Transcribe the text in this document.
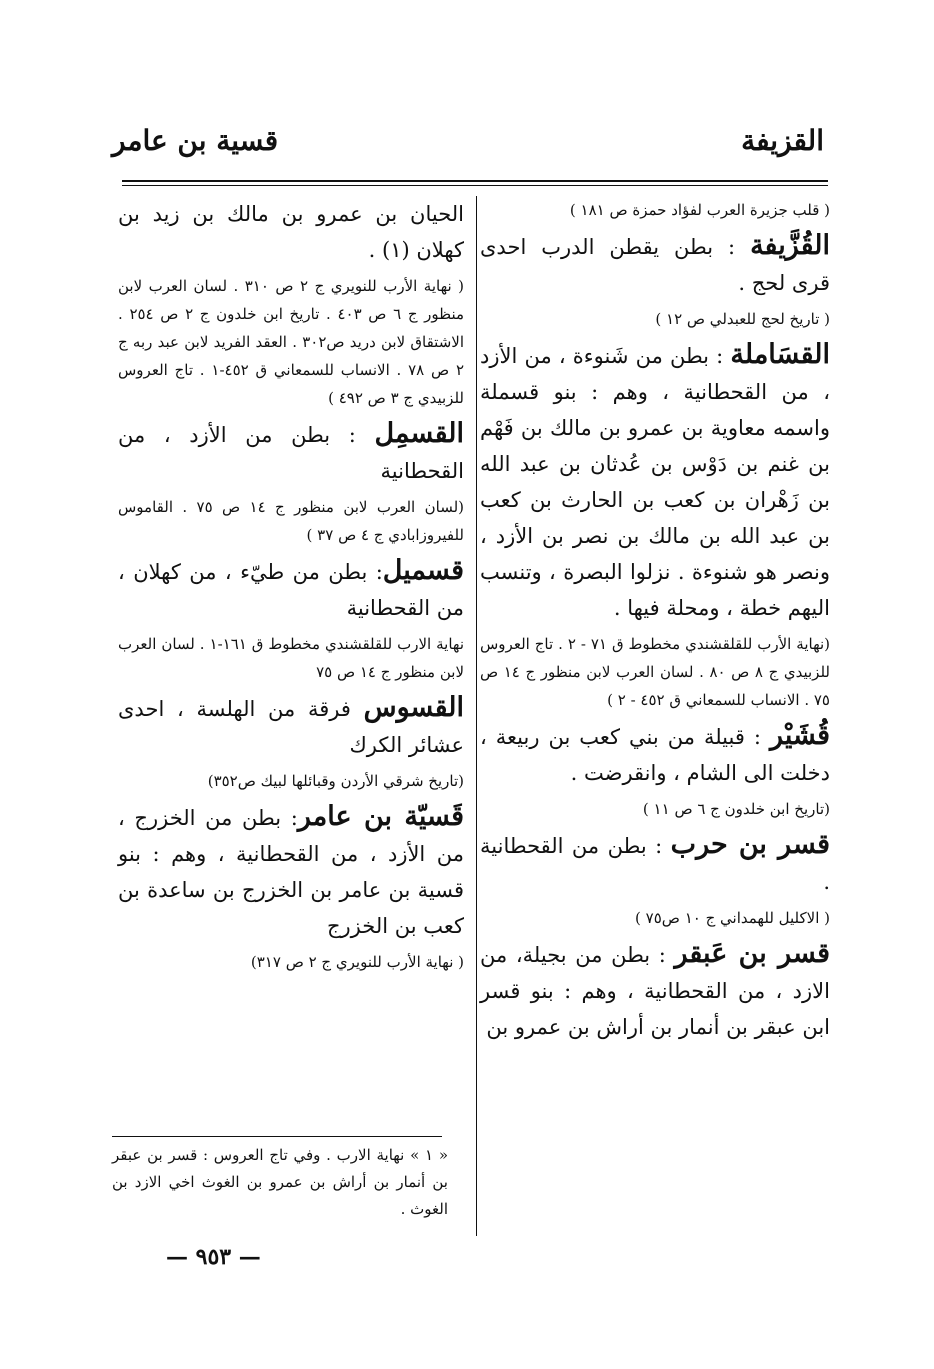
القزيفة
قسية بن عامر

( قلب جزيرة العرب لفؤاد حمزة ص ١٨١ )

القُزَّيفة : بطن يقطن الدرب احدى قرى لحج .

( تاريخ لحج للعبدلي ص ١٢ )

القسَاملة : بطن من شَنوءة ، من الأزد ، من القحطانية ، وهم : بنو قسملة واسمه معاوية بن عمرو بن مالك بن فَهْم بن غنم بن دَوْس بن عُدثان بن عبد الله بن زَهْران بن كعب بن الحارث بن كعب بن عبد الله بن مالك بن نصر بن الأزد ، ونصر هو شنوءة . نزلوا البصرة ، وتنسب اليهم خطة ، ومحلة فيها .

(نهاية الأرب للقلقشندي مخطوط ق ٧١ - ٢ . تاج العروس للزبيدي ج ٨ ص ٨٠ . لسان العرب لابن منظور ج ١٤ ص ٧٥ . الانساب للسمعاني ق ٤٥٢ - ٢ )

قُشَيْر : قبيلة من بني كعب بن ربيعة ، دخلت الى الشام ، وانقرضت .

(تاريخ ابن خلدون ج ٦ ص ١١ )

قسر بن حرب : بطن من القحطانية .

( الاكليل للهمداني ج ١٠ ص٧٥ )

قسر بن عَبقر : بطن من بجيلة، من الازد ، من القحطانية ، وهم : بنو قسر ابن عبقر بن أنمار بن أراش بن عمرو بن

الحيان بن عمرو بن مالك بن زيد بن كهلان (١) .

( نهاية الأرب للنويري ج ٢ ص ٣١٠ . لسان العرب لابن منظور ج ٦ ص ٤٠٣ . تاريخ ابن خلدون ج ٢ ص ٢٥٤ . الاشتقاق لابن دريد ص٣٠٢ . العقد الفريد لابن عبد ربه ج ٢ ص ٧٨ . الانساب للسمعاني ق ٤٥٢-١ . تاج العروس للزبيدي ج ٣ ص ٤٩٢ )

القسمِل : بطن من الأزد ، من القحطانية

(لسان العرب لابن منظور ج ١٤ ص ٧٥ . القاموس للفيروزابادي ج ٤ ص ٣٧ )

قسميل: بطن من طيّء ، من كهلان ، من القحطانية

نهاية الارب للقلقشندي مخطوط ق ١٦١-١ . لسان العرب لابن منظور ج ١٤ ص ٧٥

القسوس فرقة من الهلسة ، احدى عشائر الكرك

(تاريخ شرقي الأردن وقبائلها لبيك ص٣٥٢)

قَسيّة بن عامر: بطن من الخزرج ، من الأزد ، من القحطانية ، وهم : بنو قسية بن عامر بن الخزرج بن ساعدة بن كعب بن الخزرج

( نهاية الأرب للنويري ج ٢ ص ٣١٧)

« ١ » نهاية الارب . وفي تاج العروس : قسر بن عبقر بن أنمار بن أراش بن عمرو بن الغوث اخي الازد بن الغوث .
— ٩٥٣ —
